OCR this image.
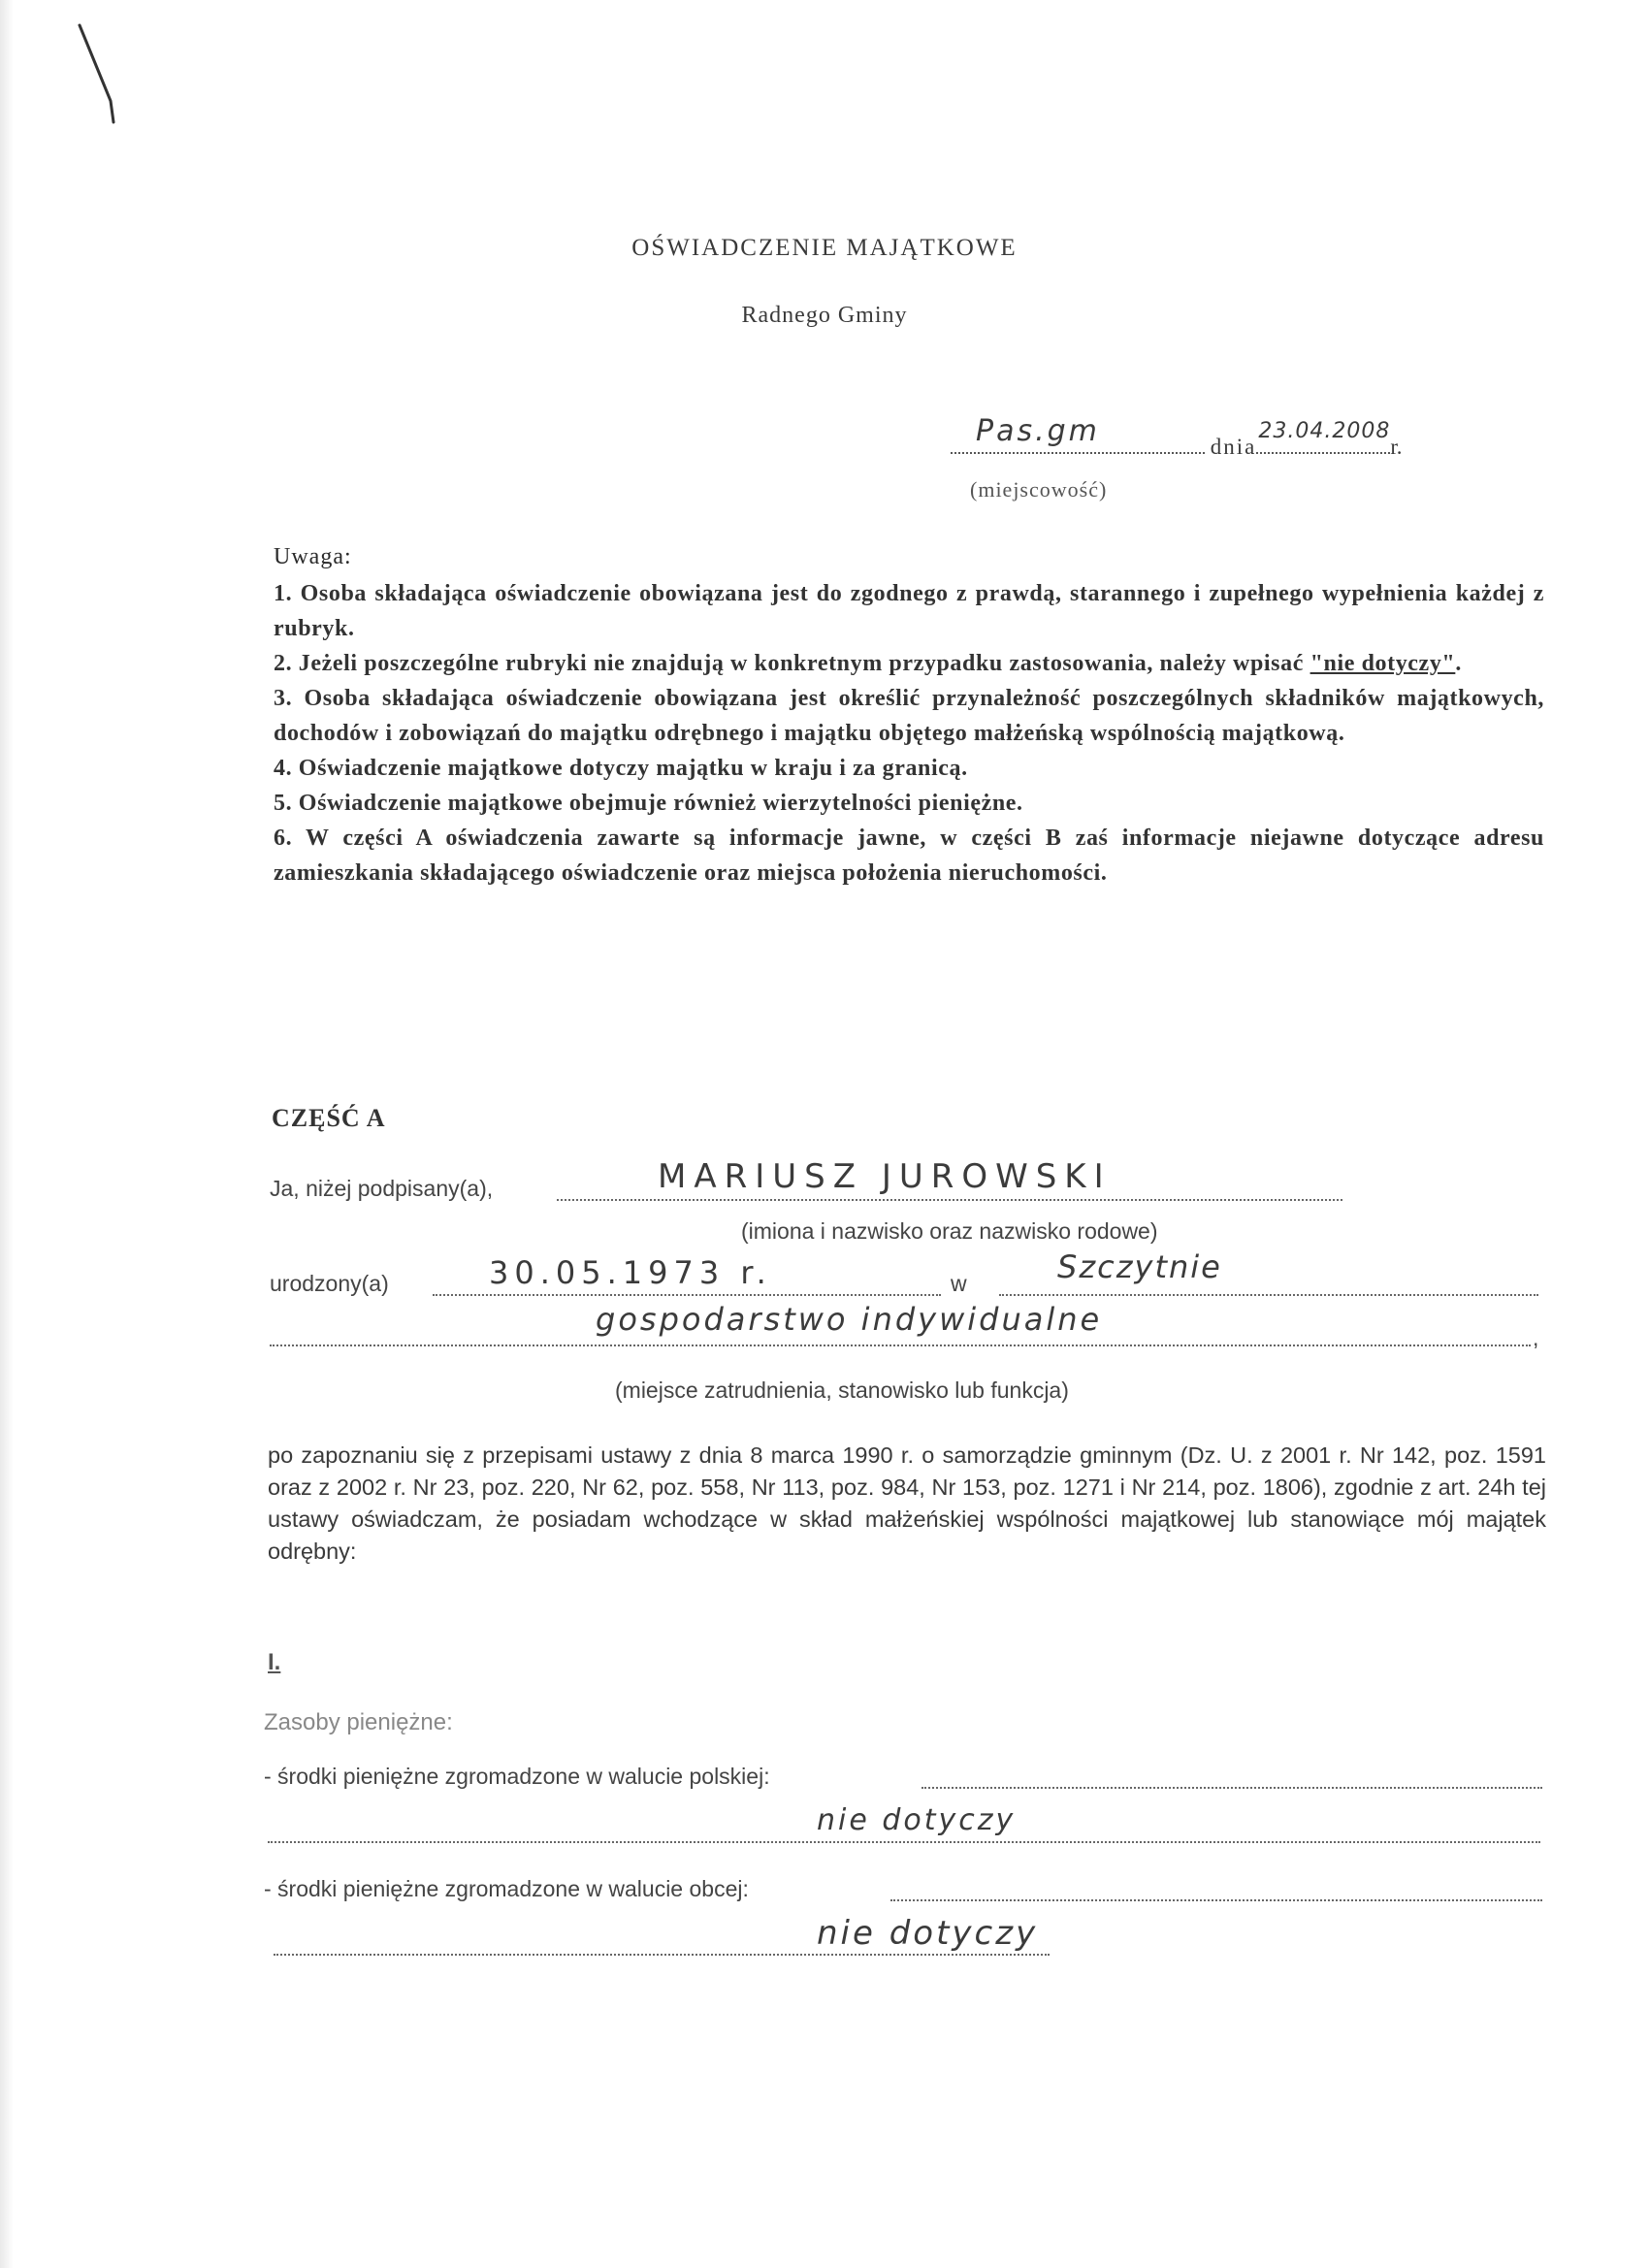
OŚWIADCZENIE MAJĄTKOWE
Radnego Gminy
Pas.gm	dnia
23.04.2008
r.
(miejscowość)
Uwaga:
1. Osoba składająca oświadczenie obowiązana jest do zgodnego z prawdą, starannego i zupełnego wypełnienia każdej z rubryk.
2. Jeżeli poszczególne rubryki nie znajdują w konkretnym przypadku zastosowania, należy wpisać "nie dotyczy".
3. Osoba składająca oświadczenie obowiązana jest określić przynależność poszczególnych składników majątkowych, dochodów i zobowiązań do majątku odrębnego i majątku objętego małżeńską wspólnością majątkową.
4. Oświadczenie majątkowe dotyczy majątku w kraju i za granicą.
5. Oświadczenie majątkowe obejmuje również wierzytelności pieniężne.
6. W części A oświadczenia zawarte są informacje jawne, w części B zaś informacje niejawne dotyczące adresu zamieszkania składającego oświadczenie oraz miejsca położenia nieruchomości.
CZĘŚĆ A
Ja, niżej podpisany(a),	MARIUSZ JUROWSKI
(imiona i nazwisko oraz nazwisko rodowe)
urodzony(a)	30.05.1973 r.	w	Szczytnie
,
gospodarstwo indywidualne
(miejsce zatrudnienia, stanowisko lub funkcja)
po zapoznaniu się z przepisami ustawy z dnia 8 marca 1990 r. o samorządzie gminnym (Dz. U. z 2001 r. Nr 142, poz. 1591 oraz z 2002 r. Nr 23, poz. 220, Nr 62, poz. 558, Nr 113, poz. 984, Nr 153, poz. 1271 i Nr 214, poz. 1806), zgodnie z art. 24h tej ustawy oświadczam, że posiadam wchodzące w skład małżeńskiej wspólności majątkowej lub stanowiące mój majątek odrębny:
I.
Zasoby pieniężne:
- środki pieniężne zgromadzone w walucie polskiej:
nie dotyczy
- środki pieniężne zgromadzone w walucie obcej:
nie dotyczy
